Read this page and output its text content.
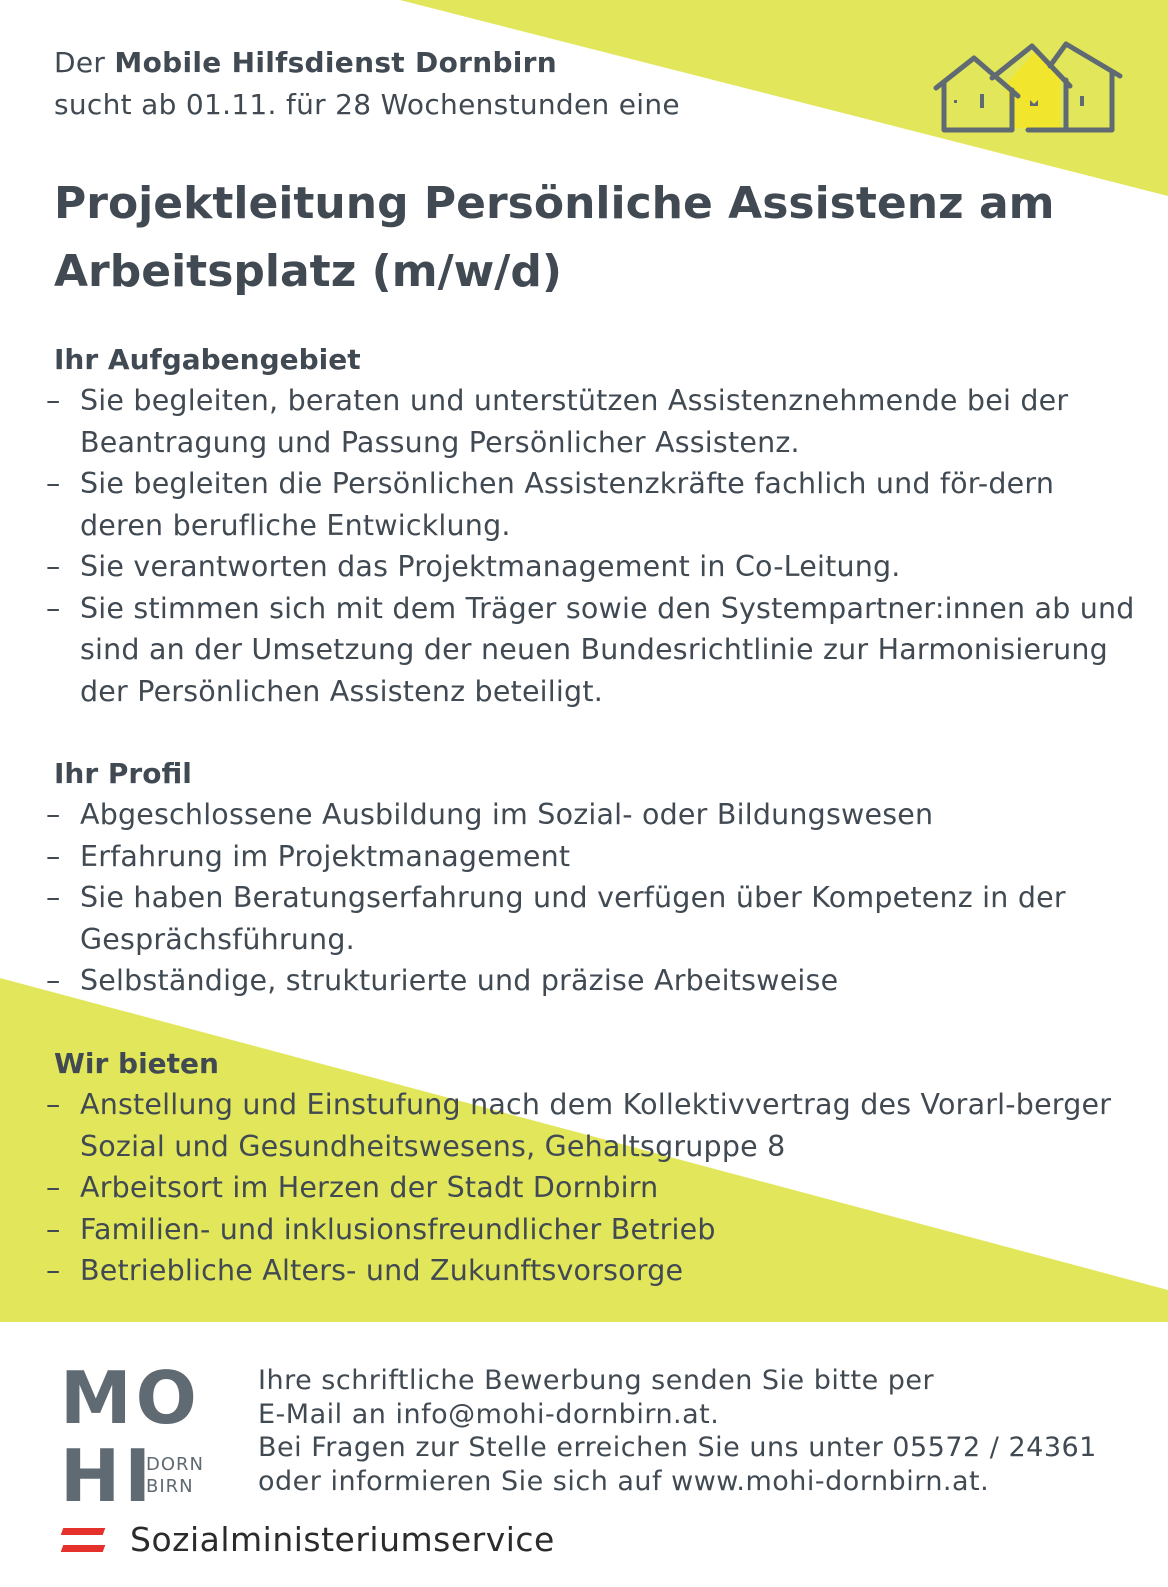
Der Mobile Hilfsdienst Dornbirn
sucht ab 01.11. für 28 Wochenstunden eine
Projektleitung Persönliche Assistenz am
Arbeitsplatz (m/w/d)
Ihr Aufgabengebiet
– Sie begleiten, beraten und unterstützen Assistenznehmende bei der Beantragung und Passung Persönlicher Assistenz.
– Sie begleiten die Persönlichen Assistenzkräfte fachlich und för-dern deren berufliche Entwicklung.
– Sie verantworten das Projektmanagement in Co-Leitung.
– Sie stimmen sich mit dem Träger sowie den Systempartner:innen ab und sind an der Umsetzung der neuen Bundesrichtlinie zur Harmonisierung der Persönlichen Assistenz beteiligt.
Ihr Profil
– Abgeschlossene Ausbildung im Sozial- oder Bildungswesen
– Erfahrung im Projektmanagement
– Sie haben Beratungserfahrung und verfügen über Kompetenz in der Gesprächsführung.
– Selbständige, strukturierte und präzise Arbeitsweise
Wir bieten
– Anstellung und Einstufung nach dem Kollektivvertrag des Vorarl-berger Sozial und Gesundheitswesens, Gehaltsgruppe 8
– Arbeitsort im Herzen der Stadt Dornbirn
– Familien- und inklusionsfreundlicher Betrieb
– Betriebliche Alters- und Zukunftsvorsorge
MO
HI
DORN
BIRN
Ihre schriftliche Bewerbung senden Sie bitte per
E-Mail an info@mohi-dornbirn.at.
Bei Fragen zur Stelle erreichen Sie uns unter 05572 / 24361
oder informieren Sie sich auf www.mohi-dornbirn.at.
Sozialministeriumservice
